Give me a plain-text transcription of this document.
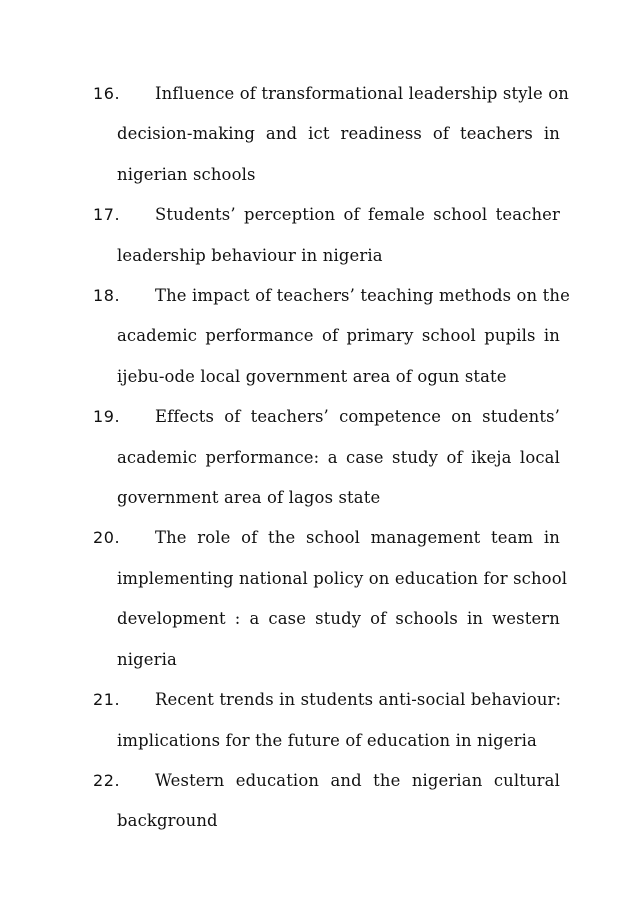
16.	Influence of transformational leadership style on
decision-making and ict readiness of teachers in
nigerian schools
17.	Students’ perception of female school teacher
leadership behaviour in nigeria
18.	The impact of teachers’ teaching methods on the
academic performance of primary school pupils in
ijebu-ode local government area of ogun state
19.	Effects of teachers’ competence on students’
academic performance: a case study of ikeja local
government area of lagos state
20.	The role of the school management team in
implementing national policy on education for school
development : a case study of schools in western
nigeria
21.	Recent trends in students anti-social behaviour:
implications for the future of education in nigeria
22.	Western education and the nigerian cultural
background
